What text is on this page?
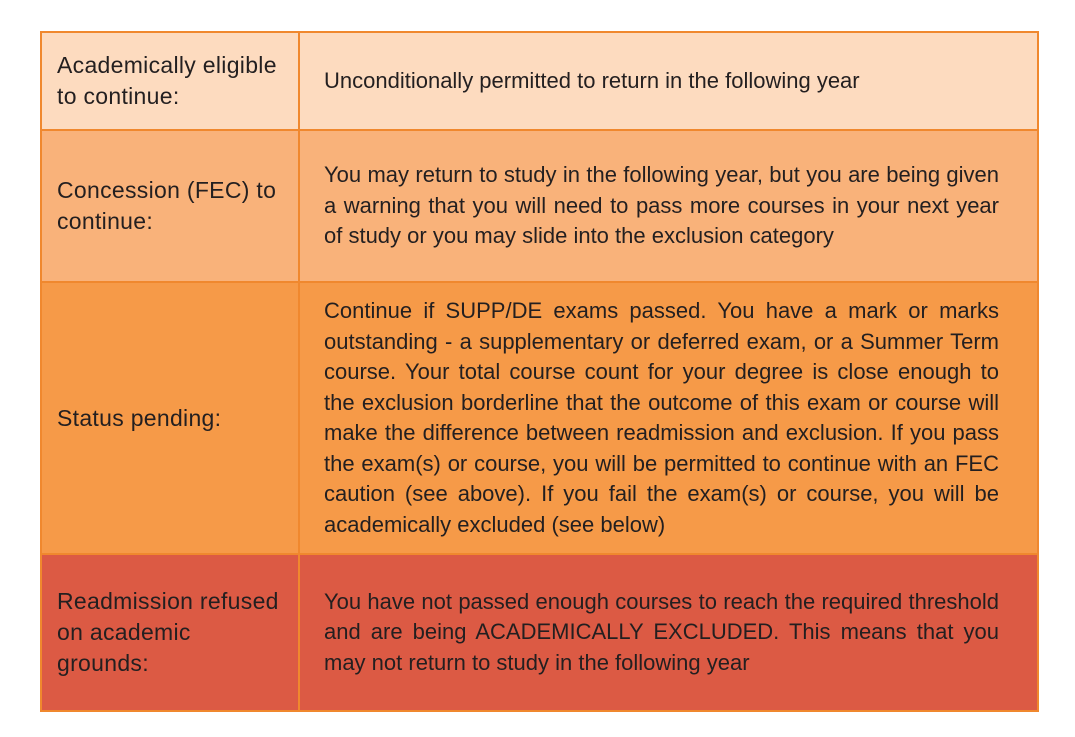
Academically eligible to continue:
Unconditionally permitted to return in the following year
Concession (FEC) to continue:
You may return to study in the following year, but you are being given a warning that you will need to pass more courses in your next year of study or you may slide into the exclusion category
Status pending:
Continue if SUPP/DE exams passed. You have a mark or marks outstanding - a supplementary or deferred exam, or a Summer Term course. Your total course count for your degree is close enough to the exclusion borderline that the outcome of this exam or course will make the difference between readmission and exclusion. If you pass the exam(s) or course, you will be permitted to continue with an FEC caution (see above). If you fail the exam(s) or course, you will be academically excluded (see below)
Readmission refused on academic grounds:
You have not passed enough courses to reach the required threshold and are being ACADEMICALLY EXCLUDED. This means that you may not return to study in the following year
